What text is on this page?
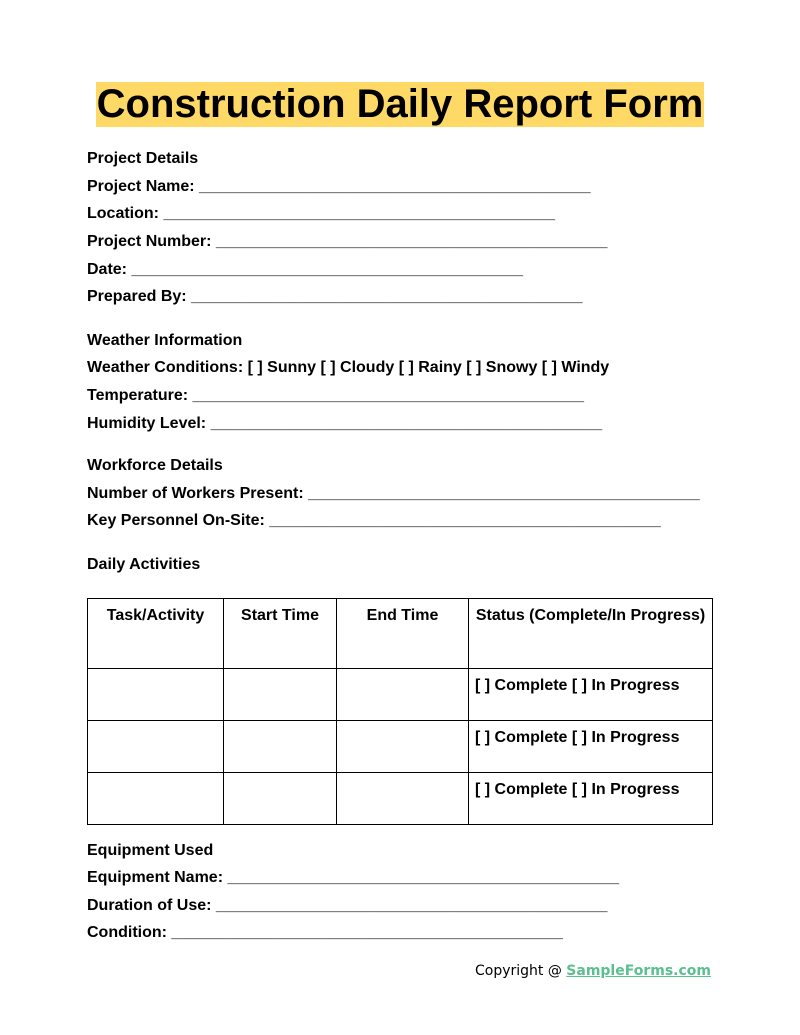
Construction Daily Report Form
Project Details
Project Name: ____________________________________________
Location: ____________________________________________
Project Number: ____________________________________________
Date: ____________________________________________
Prepared By: ____________________________________________
Weather Information
Weather Conditions: [ ] Sunny [ ] Cloudy [ ] Rainy [ ] Snowy [ ] Windy
Temperature: ____________________________________________
Humidity Level: ____________________________________________
Workforce Details
Number of Workers Present: ____________________________________________
Key Personnel On-Site: ____________________________________________
Daily Activities
Task/Activity	Start Time	End Time	Status (Complete/In Progress)
			[ ] Complete [ ] In Progress
			[ ] Complete [ ] In Progress
			[ ] Complete [ ] In Progress
Equipment Used
Equipment Name: ____________________________________________
Duration of Use: ____________________________________________
Condition: ____________________________________________
Copyright @ SampleForms.com
